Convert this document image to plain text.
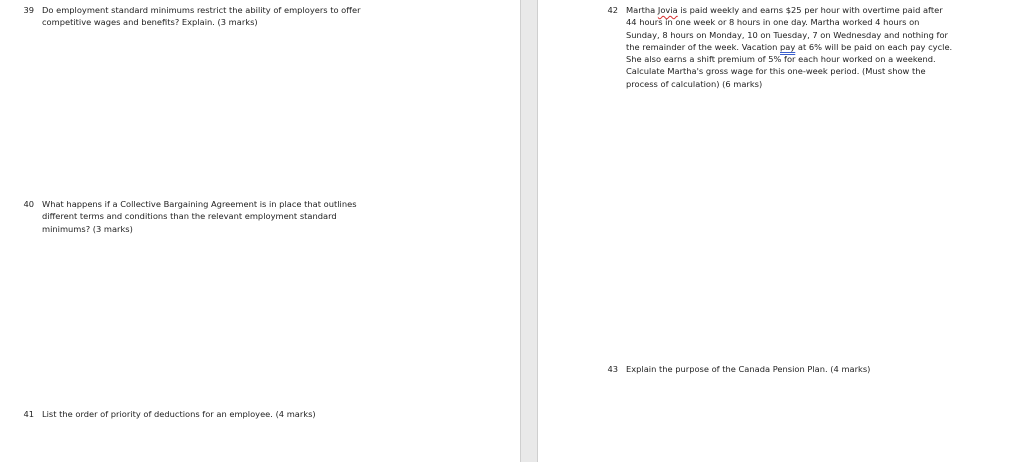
39 Do employment standard minimums restrict the ability of employers to offer competitive wages and benefits? Explain. (3 marks)
40 What happens if a Collective Bargaining Agreement is in place that outlines different terms and conditions than the relevant employment standard minimums? (3 marks)
41 List the order of priority of deductions for an employee. (4 marks)
42 Martha Jovia is paid weekly and earns $25 per hour with overtime paid after 44 hours in one week or 8 hours in one day. Martha worked 4 hours on Sunday, 8 hours on Monday, 10 on Tuesday, 7 on Wednesday and nothing for the remainder of the week. Vacation pay at 6% will be paid on each pay cycle. She also earns a shift premium of 5% for each hour worked on a weekend. Calculate Martha's gross wage for this one-week period. (Must show the process of calculation) (6 marks)
43 Explain the purpose of the Canada Pension Plan. (4 marks)
